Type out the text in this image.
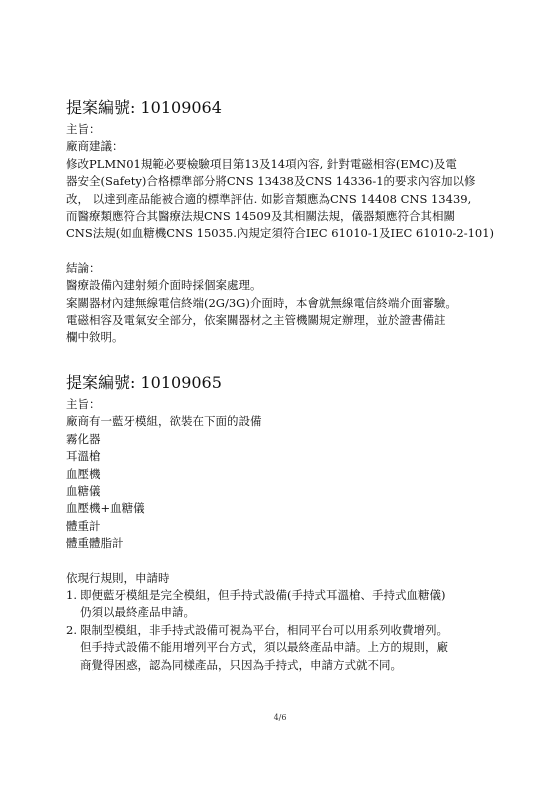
提案編號: 10109064
主旨：
廠商建議：
修改PLMN01規範必要檢驗項目第13及14項內容, 針對電磁相容(EMC)及電
器安全(Safety)合格標準部分將CNS 13438及CNS 14336-1的要求內容加以修
改， 以達到產品能被合適的標準評估. 如影音類應為CNS 14408 CNS 13439,
而醫療類應符合其醫療法規CNS 14509及其相關法規，儀器類應符合其相關
CNS法規(如血糖機CNS 15035.內規定須符合IEC 61010-1及IEC 61010-2-101)
結論：
醫療設備內建射頻介面時採個案處理。
案關器材內建無線電信終端(2G/3G)介面時，本會就無線電信終端介面審驗。
電磁相容及電氣安全部分，依案關器材之主管機關規定辦理，並於證書備註
欄中敘明。
提案編號: 10109065
主旨：
廠商有一藍牙模組，欲裝在下面的設備
霧化器
耳溫槍
血壓機
血糖儀
血壓機+血糖儀
體重計
體重體脂計
依現行規則，申請時
1. 即便藍牙模組是完全模組，但手持式設備(手持式耳溫槍、手持式血糖儀)
仍須以最終產品申請。
2. 限制型模組，非手持式設備可視為平台，相同平台可以用系列收費增列。
但手持式設備不能用增列平台方式，須以最終產品申請。上方的規則，廠
商覺得困惑，認為同樣產品，只因為手持式，申請方式就不同。
4/6
